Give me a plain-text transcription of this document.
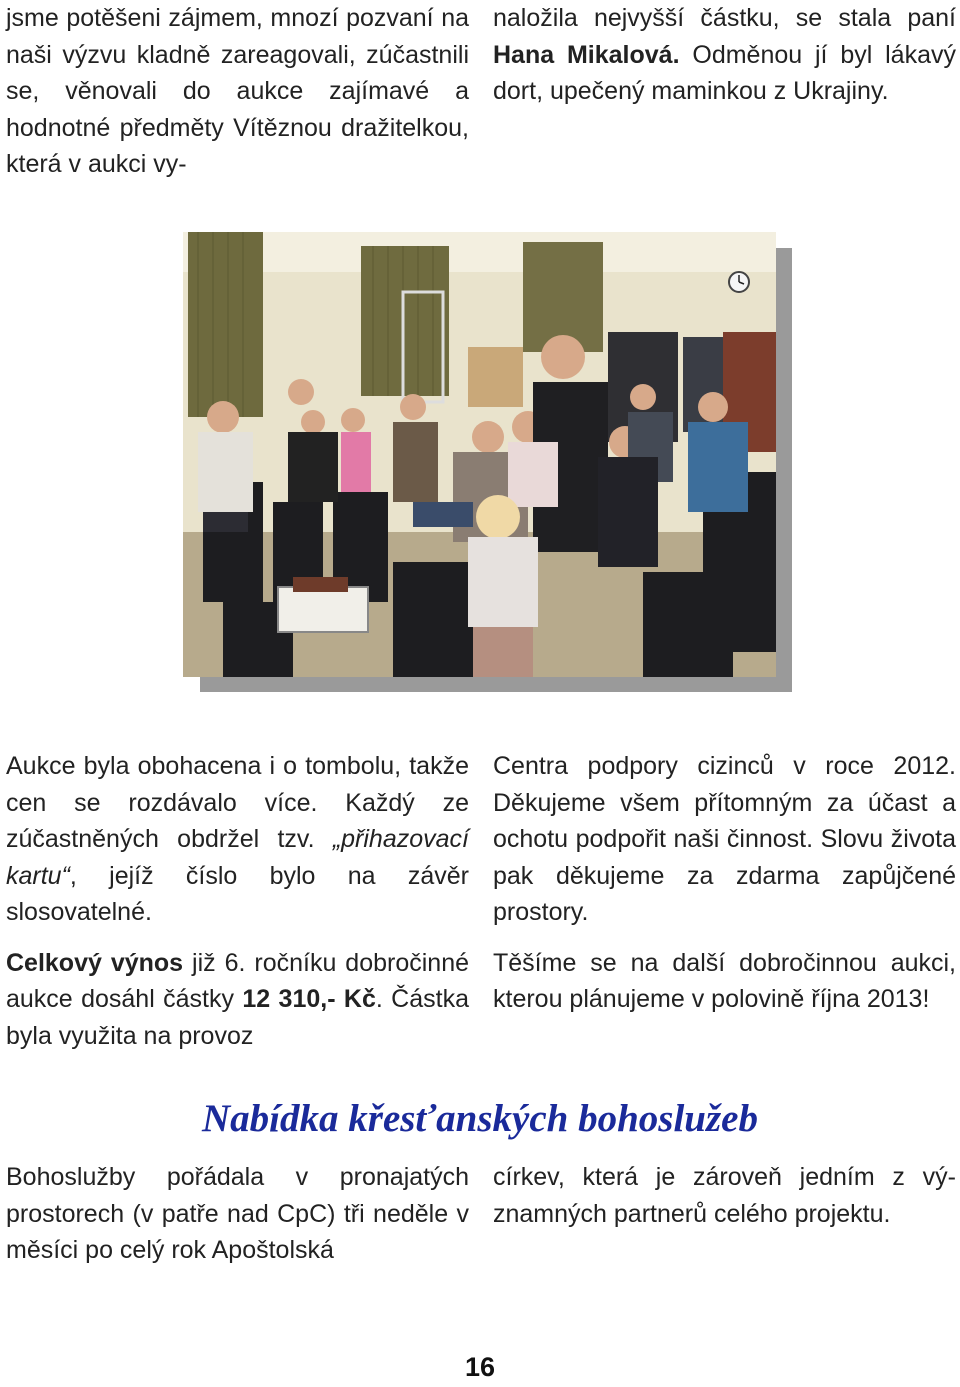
jsme potěšeni zájmem, mnozí pozvaní na naši výzvu kladně zareagovali, zúčastnili se, věnovali do aukce zajímavé a hodnotné předměty Vítěznou dražitelkou, která v aukci vy-

naložila nejvyšší částku, se stala paní Hana Mikalová. Odměnou jí byl lákavý dort, upečený maminkou z Ukrajiny.

Aukce byla obohacena i o tombolu, takže cen se rozdávalo více. Každý ze zúčastněných obdržel tzv. „přihazovací kartu“, jejíž číslo bylo na závěr slosovatelné.

Celkový výnos již 6. ročníku dobročinné aukce dosáhl částky 12 310,- Kč. Částka byla využita na provoz

Centra podpory cizinců v roce 2012. Děkujeme všem přítomným za účast a ochotu podpořit naši činnost. Slovu života pak děkujeme za zdarma zapůjčené prostory.

Těšíme se na další dobročinnou aukci, kterou plánujeme v polovině října 2013!

Nabídka křesťanských bohoslužeb

Bohoslužby pořádala v pronajatých prostorech (v patře nad CpC) tři neděle v měsíci po celý rok Apoštolská

církev, která je zároveň jedním z významných partnerů celého projektu.

16
